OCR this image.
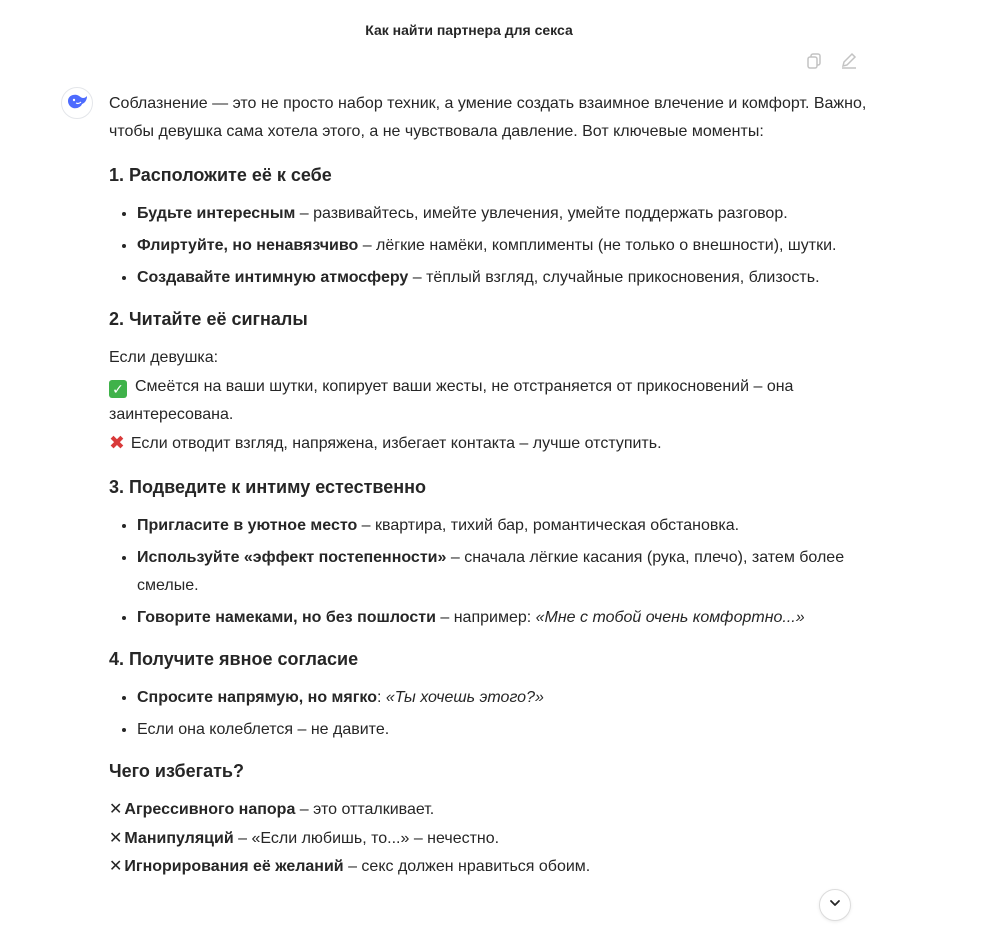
Как найти партнера для секса

Соблазнение — это не просто набор техник, а умение создать взаимное влечение и комфорт. Важно, чтобы девушка сама хотела этого, а не чувствовала давление. Вот ключевые моменты:

1. Расположите её к себе
• Будьте интересным – развивайтесь, имейте увлечения, умейте поддержать разговор.
• Флиртуйте, но ненавязчиво – лёгкие намёки, комплименты (не только о внешности), шутки.
• Создавайте интимную атмосферу – тёплый взгляд, случайные прикосновения, близость.
2. Читайте её сигналы

Если девушка:

✓ Смеётся на ваши шутки, копирует ваши жесты, не отстраняется от прикосновений – она заинтересована.

✖ Если отводит взгляд, напряжена, избегает контакта – лучше отступить.

3. Подведите к интиму естественно
• Пригласите в уютное место – квартира, тихий бар, романтическая обстановка.
• Используйте «эффект постепенности» – сначала лёгкие касания (рука, плечо), затем более смелые.
• Говорите намеками, но без пошлости – например: «Мне с тобой очень комфортно...»
4. Получите явное согласие
• Спросите напрямую, но мягко: «Ты хочешь этого?»
• Если она колеблется – не давите.
Чего избегать?

✕ Агрессивного напора – это отталкивает.

✕ Манипуляций – «Если любишь, то...» – нечестно.

✕ Игнорирования её желаний – секс должен нравиться обоим.
